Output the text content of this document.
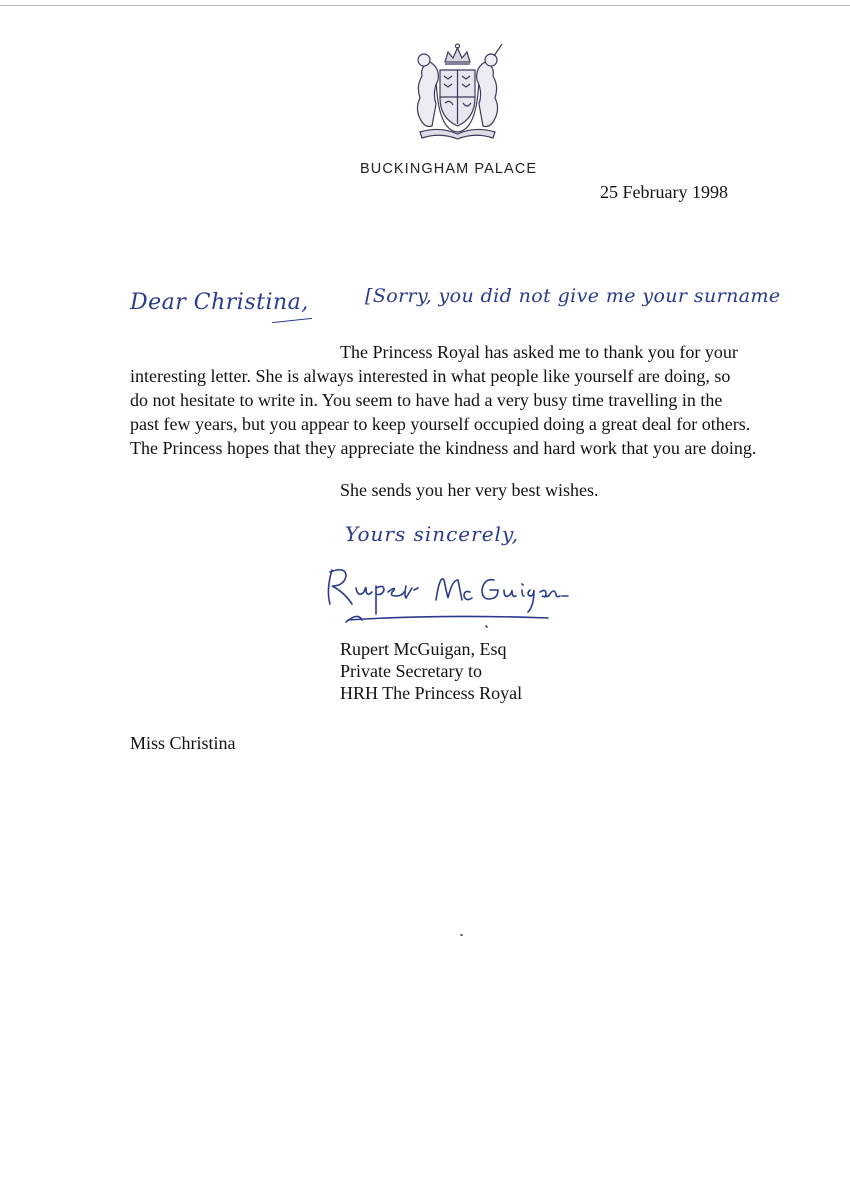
BUCKINGHAM PALACE
25 February 1998
Dear Christina,	[Sorry, you did not give me your surname
The Princess Royal has asked me to thank you for your
interesting letter. She is always interested in what people like yourself are doing, so
do not hesitate to write in. You seem to have had a very busy time travelling in the
past few years, but you appear to keep yourself occupied doing a great deal for others.
The Princess hopes that they appreciate the kindness and hard work that you are doing.
She sends you her very best wishes.
Yours sincerely,
Rupert McGuigan, Esq
Private Secretary to
HRH The Princess Royal
Miss Christina
